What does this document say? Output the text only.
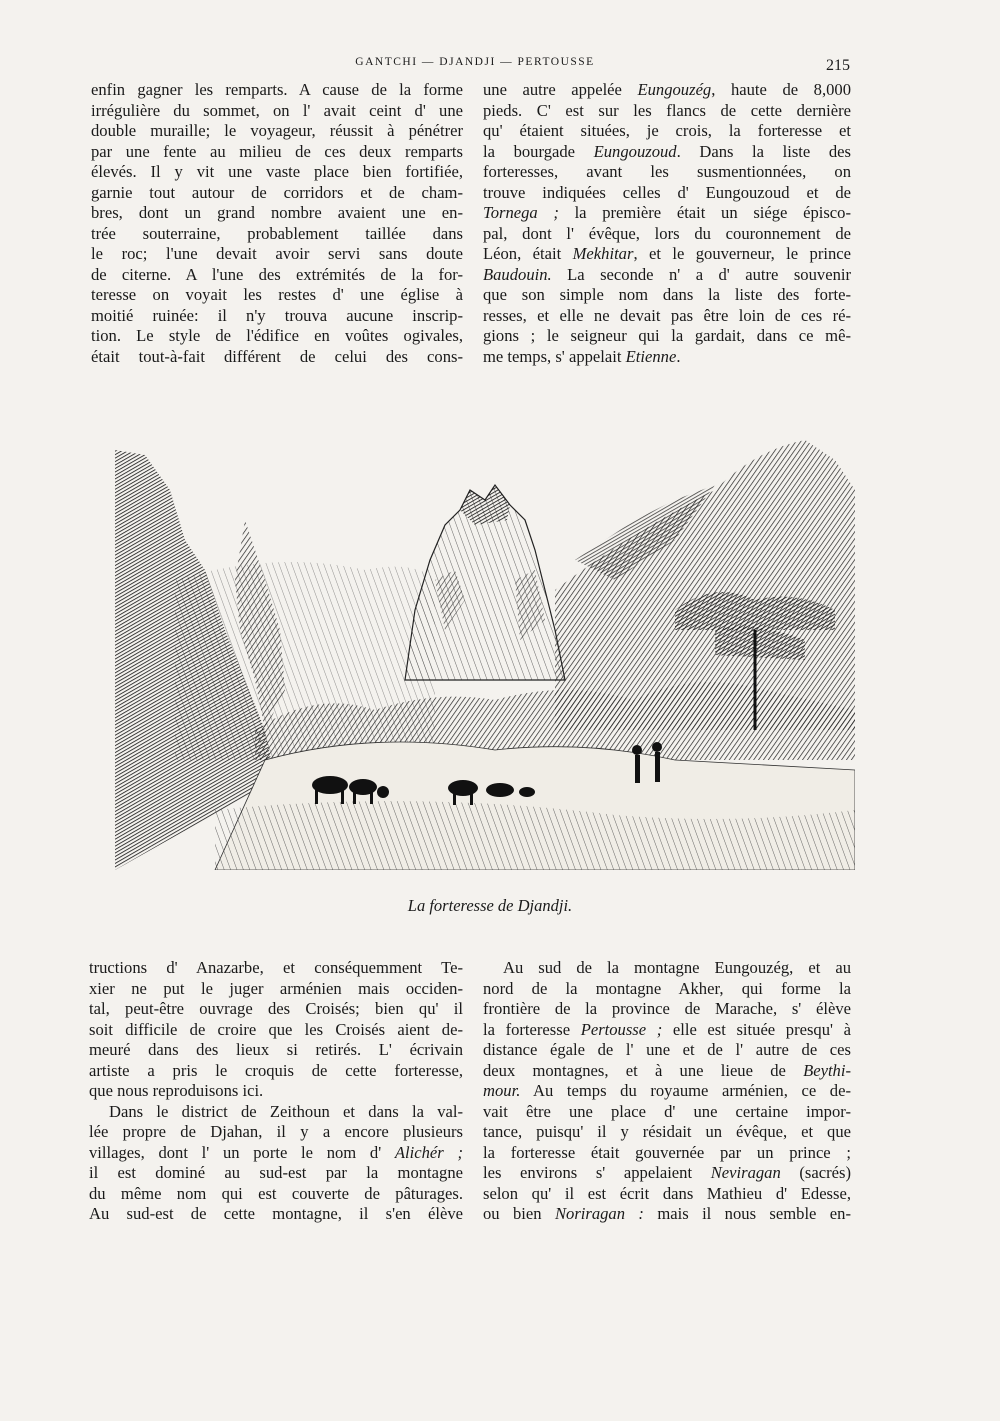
GANTCHI — DJANDJI — PERTOUSSE	215
enfin gagner les remparts. A cause de la forme
irrégulière du sommet, on l' avait ceint d' une
double muraille; le voyageur, réussit à pénétrer
par une fente au milieu de ces deux remparts
élevés. Il y vit une vaste place bien fortifiée,
garnie tout autour de corridors et de cham-
bres, dont un grand nombre avaient une en-
trée souterraine, probablement taillée dans
le roc; l'une devait avoir servi sans doute
de citerne. A l'une des extrémités de la for-
teresse on voyait les restes d' une église à
moitié ruinée: il n'y trouva aucune inscrip-
tion. Le style de l'édifice en voûtes ogivales,
était tout-à-fait différent de celui des cons-
une autre appelée Eungouzég, haute de 8,000
pieds. C' est sur les flancs de cette dernière
qu' étaient situées, je crois, la forteresse et
la bourgade Eungouzoud. Dans la liste des
forteresses, avant les susmentionnées, on
trouve indiquées celles d' Eungouzoud et de
Tornega ; la première était un siége épisco-
pal, dont l' évêque, lors du couronnement de
Léon, était Mekhitar, et le gouverneur, le prince
Baudouin. La seconde n' a d' autre souvenir
que son simple nom dans la liste des forte-
resses, et elle ne devait pas être loin de ces ré-
gions ; le seigneur qui la gardait, dans ce mê-
me temps, s' appelait Etienne.
La forteresse de Djandji.
tructions d' Anazarbe, et conséquemment Te-
xier ne put le juger arménien mais occiden-
tal, peut-être ouvrage des Croisés; bien qu' il
soit difficile de croire que les Croisés aient de-
meuré dans des lieux si retirés. L' écrivain
artiste a pris le croquis de cette forteresse,
que nous reproduisons ici.
Dans le district de Zeithoun et dans la val-
lée propre de Djahan, il y a encore plusieurs
villages, dont l' un porte le nom d' Alichér ;
il est dominé au sud-est par la montagne
du même nom qui est couverte de pâturages.
Au sud-est de cette montagne, il s'en élève
Au sud de la montagne Eungouzég, et au
nord de la montagne Akher, qui forme la
frontière de la province de Marache, s' élève
la forteresse Pertousse ; elle est située presqu' à
distance égale de l' une et de l' autre de ces
deux montagnes, et à une lieue de Beythi-
mour. Au temps du royaume arménien, ce de-
vait être une place d' une certaine impor-
tance, puisqu' il y résidait un évêque, et que
la forteresse était gouvernée par un prince ;
les environs s' appelaient Neviragan (sacrés)
selon qu' il est écrit dans Mathieu d' Edesse,
ou bien Noriragan : mais il nous semble en-
